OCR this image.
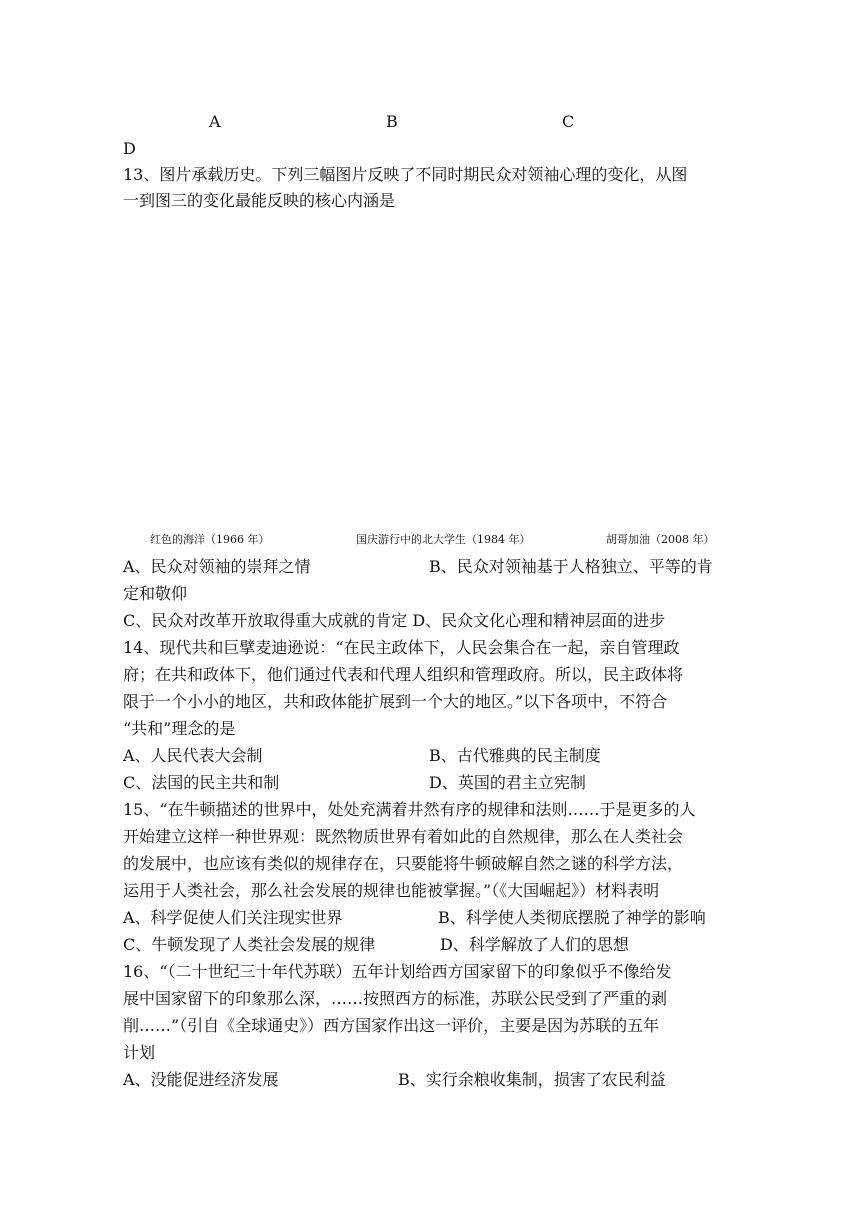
A	B	C
D
13、图片承载历史。下列三幅图片反映了不同时期民众对领袖心理的变化，从图
一到图三的变化最能反映的核心内涵是
红色的海洋（1966 年）	国庆游行中的北大学生（1984 年）	胡哥加油（2008 年）
A、民众对领袖的崇拜之情	B、民众对领袖基于人格独立、平等的肯
定和敬仰
C、民众对改革开放取得重大成就的肯定 D、民众文化心理和精神层面的进步
14、现代共和巨擘麦迪逊说：“在民主政体下，人民会集合在一起，亲自管理政
府；在共和政体下，他们通过代表和代理人组织和管理政府。所以，民主政体将
限于一个小小的地区，共和政体能扩展到一个大的地区。”以下各项中，不符合
“共和”理念的是
A、人民代表大会制	B、古代雅典的民主制度
C、法国的民主共和制	D、英国的君主立宪制
15、“在牛顿描述的世界中，处处充满着井然有序的规律和法则……于是更多的人
开始建立这样一种世界观：既然物质世界有着如此的自然规律，那么在人类社会
的发展中，也应该有类似的规律存在，只要能将牛顿破解自然之谜的科学方法，
运用于人类社会，那么社会发展的规律也能被掌握。”（《大国崛起》）材料表明
A、科学促使人们关注现实世界	B、科学使人类彻底摆脱了神学的影响
C、牛顿发现了人类社会发展的规律	D、科学解放了人们的思想
16、“（二十世纪三十年代苏联）五年计划给西方国家留下的印象似乎不像给发
展中国家留下的印象那么深，……按照西方的标准，苏联公民受到了严重的剥
削……”（引自《全球通史》）西方国家作出这一评价，主要是因为苏联的五年
计划
A、没能促进经济发展	B、实行余粮收集制，损害了农民利益
